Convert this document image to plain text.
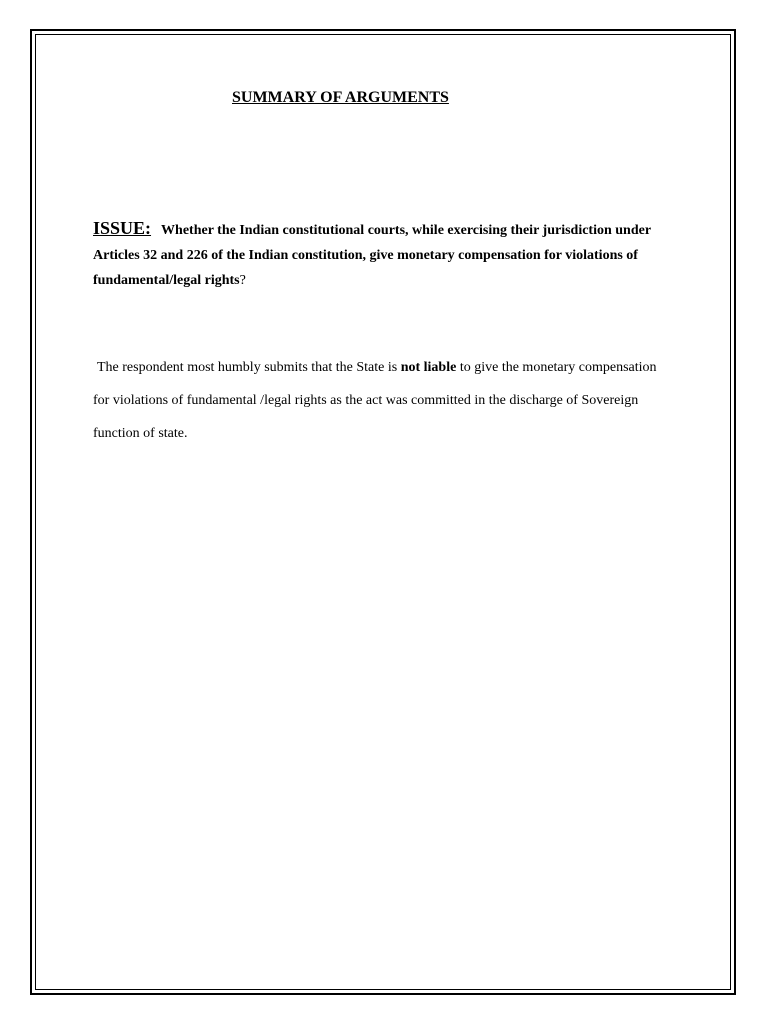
SUMMARY OF ARGUMENTS

ISSUE: Whether the Indian constitutional courts, while exercising their jurisdiction under Articles 32 and 226 of the Indian constitution, give monetary compensation for violations of fundamental/legal rights?

The respondent most humbly submits that the State is not liable to give the monetary compensation for violations of fundamental /legal rights as the act was committed in the discharge of Sovereign function of state.
